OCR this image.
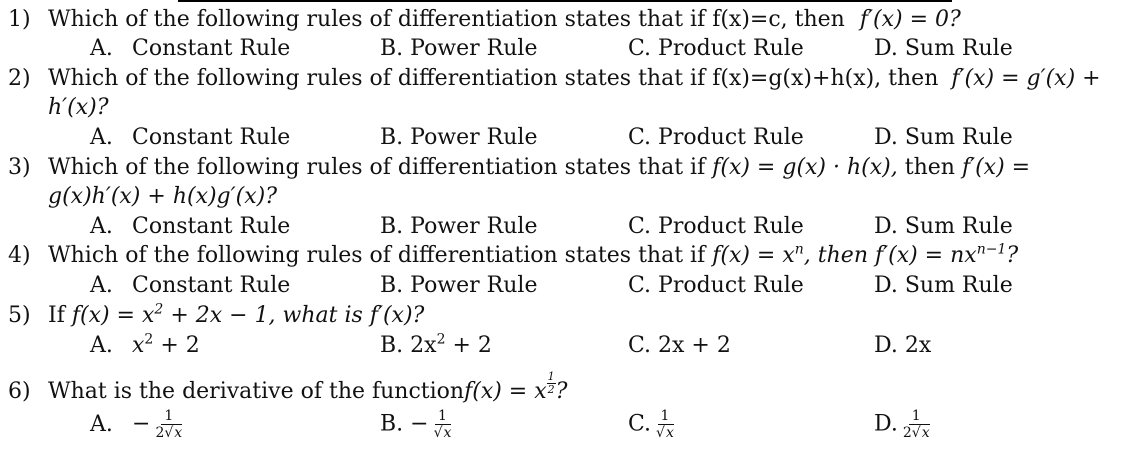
1) Which of the following rules of differentiation states that if f(x)=c, then f′(x) = 0?
A. Constant Rule	B. Power Rule	C. Product Rule	D. Sum Rule
2) Which of the following rules of differentiation states that if f(x)=g(x)+h(x), then f′(x) = g′(x) +
h′(x)?
A. Constant Rule	B. Power Rule	C. Product Rule	D. Sum Rule
3) Which of the following rules of differentiation states that if f(x) = g(x) · h(x), then f′(x) =
g(x)h′(x) + h(x)g′(x)?
A. Constant Rule	B. Power Rule	C. Product Rule	D. Sum Rule
4) Which of the following rules of differentiation states that if $f(x) = x^n$, then $f'(x) = nx^{n-1}$?
A. Constant Rule	B. Power Rule	C. Product Rule	D. Sum Rule
5) If $f(x) = x^2 + 2x - 1$, what is f′(x)?
A. $x^2 + 2$	B. $2x^2 + 2$	C. 2x + 2	D. 2x
6) What is the derivative of the functionf(x) = x $\frac{1}{2}$ ?
A. − $\frac{1}{2√x}$	B. − $\frac{1}{√x}$	C. $\frac{1}{√x}$	D. $\frac{1}{2√x}$
